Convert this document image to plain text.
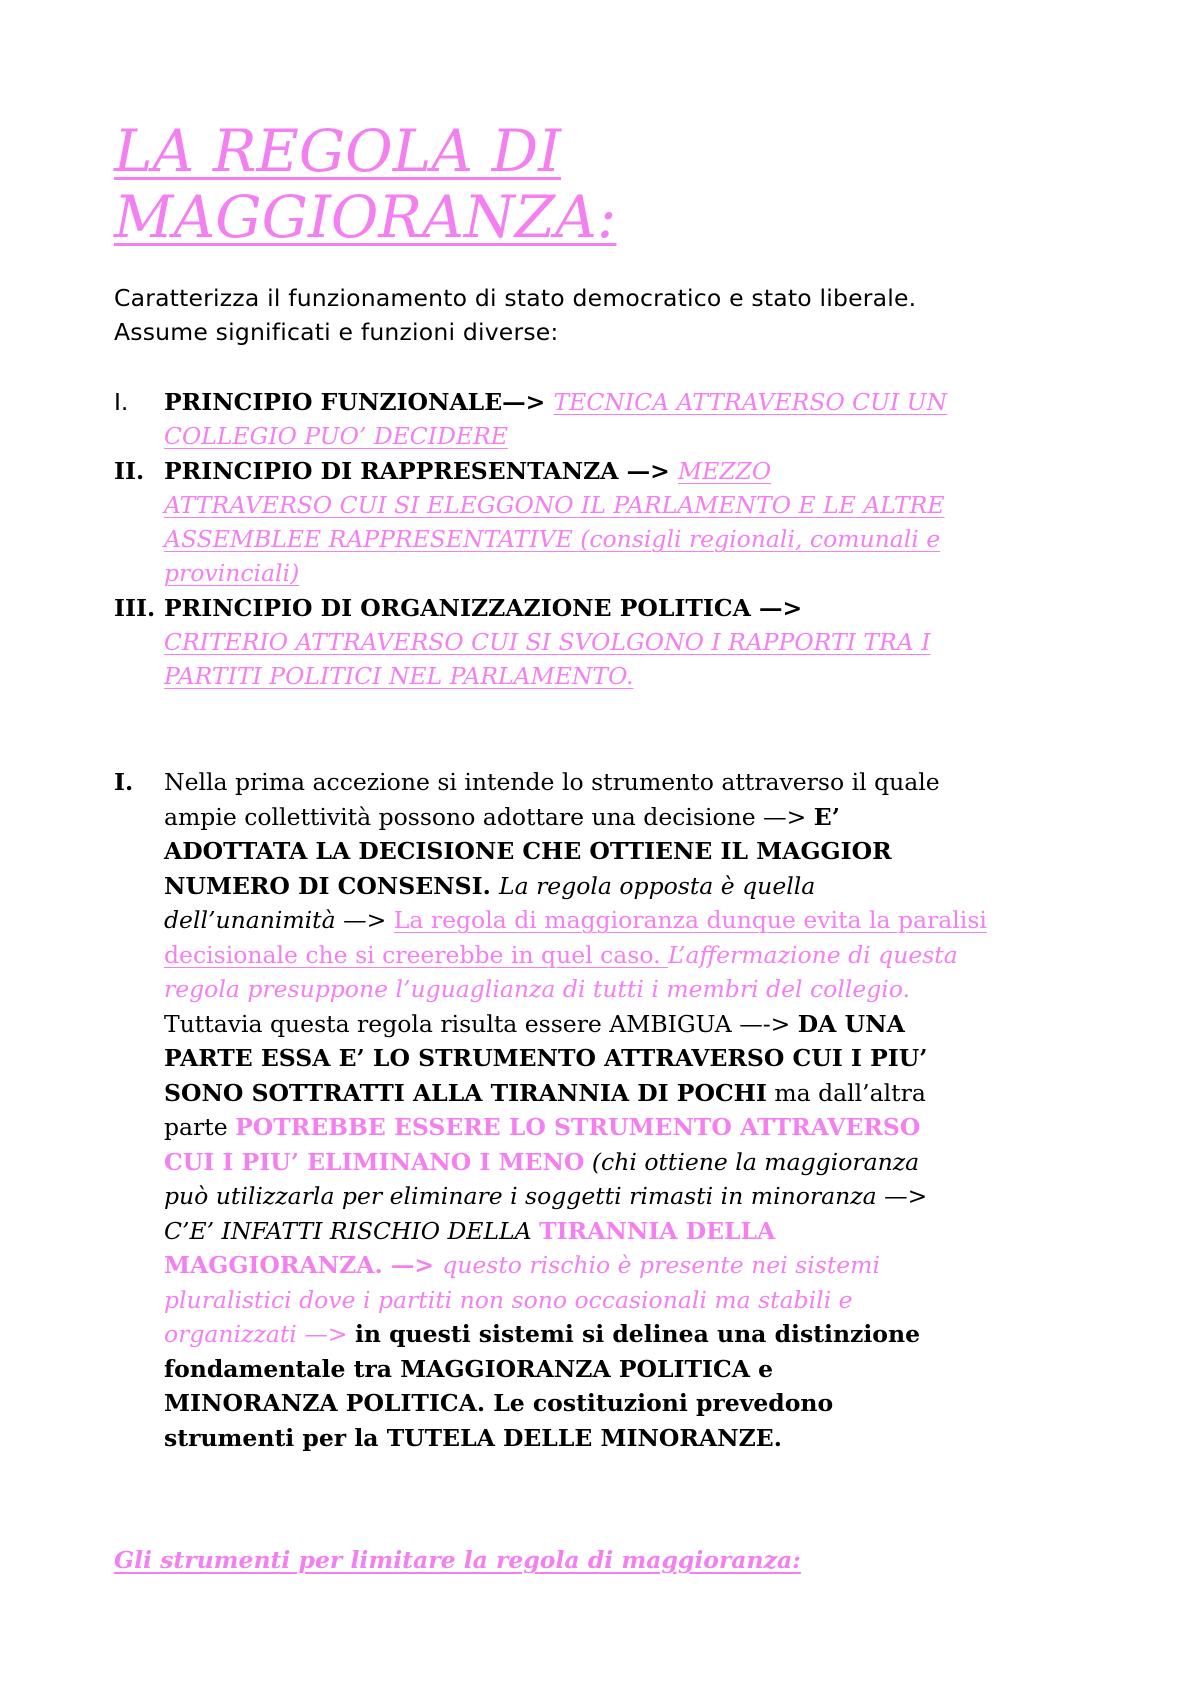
LA REGOLA DI
MAGGIORANZA:
Caratterizza il funzionamento di stato democratico e stato liberale.
Assume significati e funzioni diverse:
I.	PRINCIPIO FUNZIONALE—> TECNICA ATTRAVERSO CUI UN
COLLEGIO PUO’ DECIDERE
II. PRINCIPIO DI RAPPRESENTANZA —> MEZZO
ATTRAVERSO CUI SI ELEGGONO IL PARLAMENTO E LE ALTRE
ASSEMBLEE RAPPRESENTATIVE (consigli regionali, comunali e
provinciali)
III. PRINCIPIO DI ORGANIZZAZIONE POLITICA —>
CRITERIO ATTRAVERSO CUI SI SVOLGONO I RAPPORTI TRA I
PARTITI POLITICI NEL PARLAMENTO.
I. Nella prima accezione si intende lo strumento attraverso il quale
ampie collettività possono adottare una decisione —> E’
ADOTTATA LA DECISIONE CHE OTTIENE IL MAGGIOR
NUMERO DI CONSENSI. La regola opposta è quella
dell’unanimità —> La regola di maggioranza dunque evita la paralisi
decisionale che si creerebbe in quel caso. L’affermazione di questa
regola presuppone l’uguaglianza di tutti i membri del collegio.
Tuttavia questa regola risulta essere AMBIGUA —-> DA UNA
PARTE ESSA E’ LO STRUMENTO ATTRAVERSO CUI I PIU’
SONO SOTTRATTI ALLA TIRANNIA DI POCHI ma dall’altra
parte POTREBBE ESSERE LO STRUMENTO ATTRAVERSO
CUI I PIU’ ELIMINANO I MENO (chi ottiene la maggioranza
può utilizzarla per eliminare i soggetti rimasti in minoranza —>
C’E’ INFATTI RISCHIO DELLA TIRANNIA DELLA
MAGGIORANZA. —> questo rischio è presente nei sistemi
pluralistici dove i partiti non sono occasionali ma stabili e
organizzati —> in questi sistemi si delinea una distinzione
fondamentale tra MAGGIORANZA POLITICA e
MINORANZA POLITICA. Le costituzioni prevedono
strumenti per la TUTELA DELLE MINORANZE.
Gli strumenti per limitare la regola di maggioranza:
